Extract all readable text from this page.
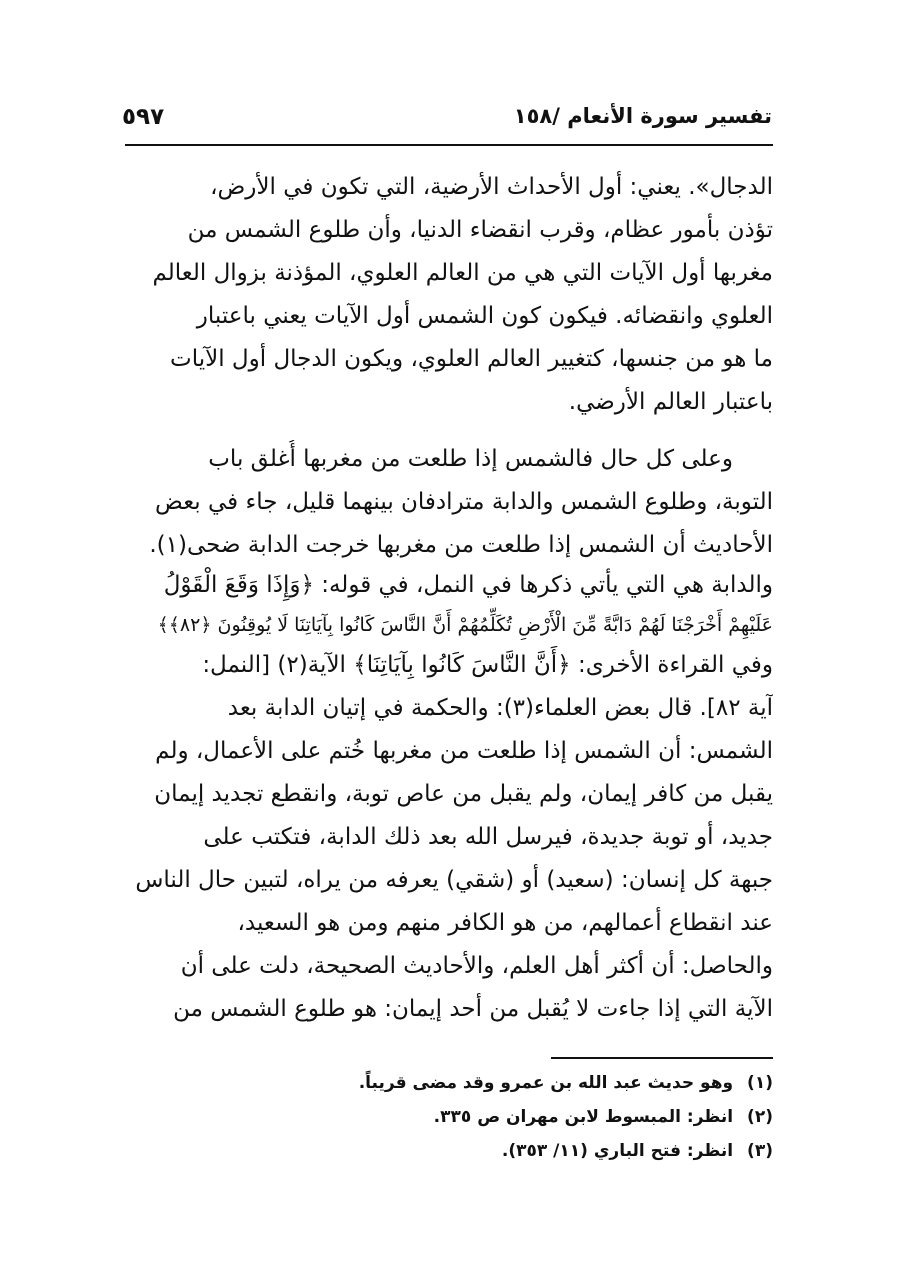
تفسير سورة الأنعام /١٥٨
٥٩٧
الدجال». يعني: أول الأحداث الأرضية، التي تكون في الأرض،
تؤذن بأمور عظام، وقرب انقضاء الدنيا، وأن طلوع الشمس من
مغربها أول الآيات التي هي من العالم العلوي، المؤذنة بزوال العالم
العلوي وانقضائه. فيكون كون الشمس أول الآيات يعني باعتبار
ما هو من جنسها، كتغيير العالم العلوي، ويكون الدجال أول الآيات
باعتبار العالم الأرضي.
وعلى كل حال فالشمس إذا طلعت من مغربها أُغلق باب
التوبة، وطلوع الشمس والدابة مترادفان بينهما قليل، جاء في بعض
الأحاديث أن الشمس إذا طلعت من مغربها خرجت الدابة ضحى(١).
والدابة هي التي يأتي ذكرها في النمل، في قوله: ﴿وَإِذَا وَقَعَ الْقَوْلُ
عَلَيْهِمْ أَخْرَجْنَا لَهُمْ دَابَّةً مِّنَ الْأَرْضِ تُكَلِّمُهُمْ أَنَّ النَّاسَ كَانُوا بِآيَاتِنَا لَا يُوقِنُونَ ﴿٨٢﴾﴾
وفي القراءة الأخرى: ﴿أَنَّ النَّاسَ كَانُوا بِآيَاتِنَا﴾ الآية(٢) [النمل:
آية ٨٢]. قال بعض العلماء(٣): والحكمة في إتيان الدابة بعد
الشمس: أن الشمس إذا طلعت من مغربها خُتم على الأعمال، ولم
يقبل من كافر إيمان، ولم يقبل من عاص توبة، وانقطع تجديد إيمان
جديد، أو توبة جديدة، فيرسل الله بعد ذلك الدابة، فتكتب على
جبهة كل إنسان: (سعيد) أو (شقي) يعرفه من يراه، لتبين حال الناس
عند انقطاع أعمالهم، من هو الكافر منهم ومن هو السعيد،
والحاصل: أن أكثر أهل العلم، والأحاديث الصحيحة، دلت على أن
الآية التي إذا جاءت لا يُقبل من أحد إيمان: هو طلوع الشمس من
(١)وهو حديث عبد الله بن عمرو وقد مضى قريباً.
(٢)انظر: المبسوط لابن مهران ص ٣٣٥.
(٣)انظر: فتح الباري (١١/ ٣٥٣).
